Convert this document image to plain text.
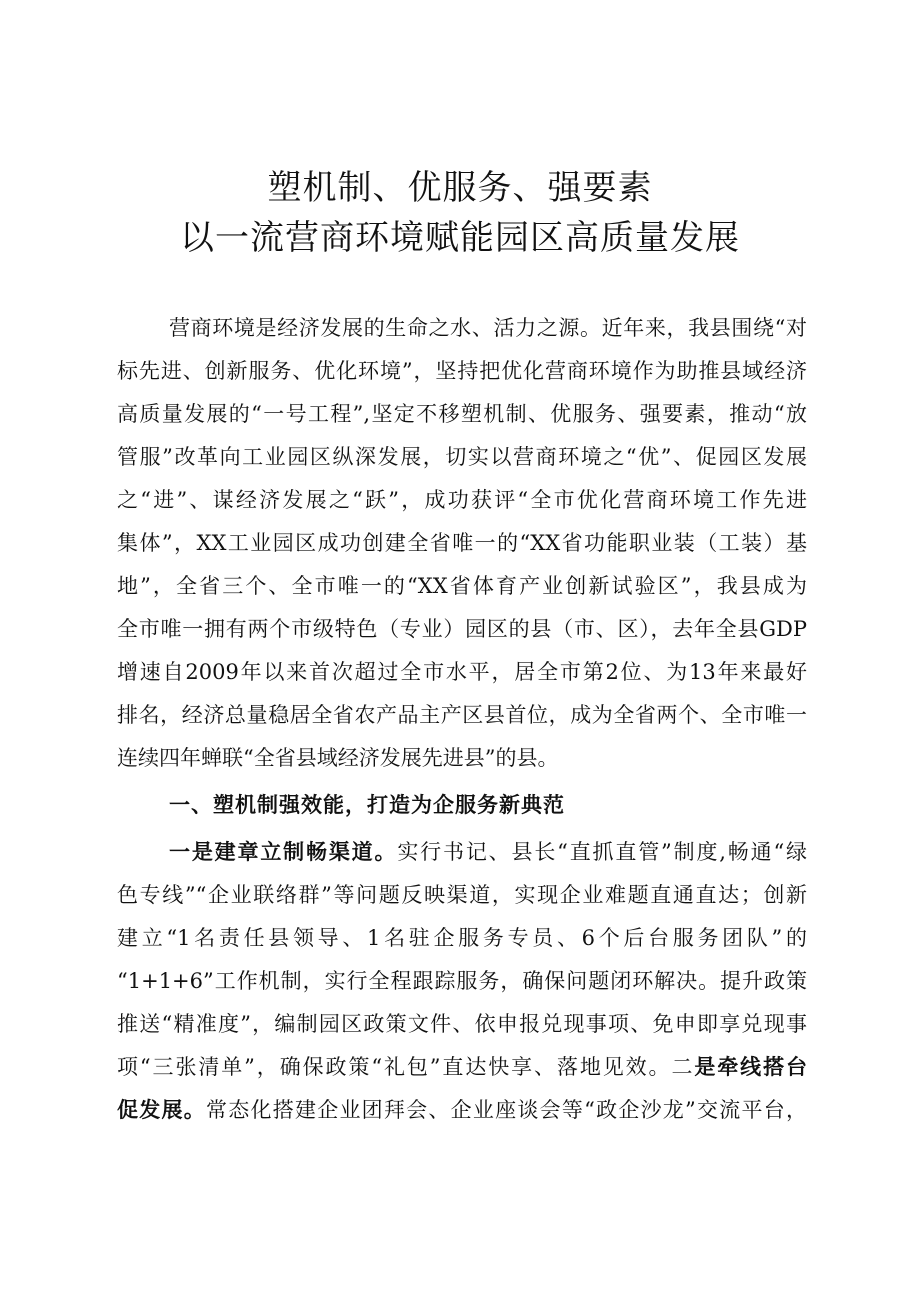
塑机制、优服务、强要素
以一流营商环境赋能园区高质量发展
营商环境是经济发展的生命之水、活力之源。近年来，我县围绕“对
标先进、创新服务、优化环境”，坚持把优化营商环境作为助推县域经济
高质量发展的“一号工程”,坚定不移塑机制、优服务、强要素，推动“放
管服”改革向工业园区纵深发展，切实以营商环境之“优”、促园区发展
之“进”、谋经济发展之“跃”，成功获评“全市优化营商环境工作先进
集体”，XX工业园区成功创建全省唯一的“XX省功能职业装（工装）基
地”，全省三个、全市唯一的“XX省体育产业创新试验区”，我县成为
全市唯一拥有两个市级特色（专业）园区的县（市、区），去年全县GDP
增速自2009年以来首次超过全市水平，居全市第2位、为13年来最好
排名，经济总量稳居全省农产品主产区县首位，成为全省两个、全市唯一
连续四年蝉联“全省县域经济发展先进县”的县。
一、塑机制强效能，打造为企服务新典范
一是建章立制畅渠道。实行书记、县长“直抓直管”制度,畅通“绿
色专线”“企业联络群”等问题反映渠道，实现企业难题直通直达；创新
建立“1名责任县领导、1名驻企服务专员、6个后台服务团队”的
“1+1+6”工作机制，实行全程跟踪服务，确保问题闭环解决。提升政策
推送“精准度”，编制园区政策文件、依申报兑现事项、免申即享兑现事
项“三张清单”，确保政策“礼包”直达快享、落地见效。二是牵线搭台
促发展。常态化搭建企业团拜会、企业座谈会等“政企沙龙”交流平台，
